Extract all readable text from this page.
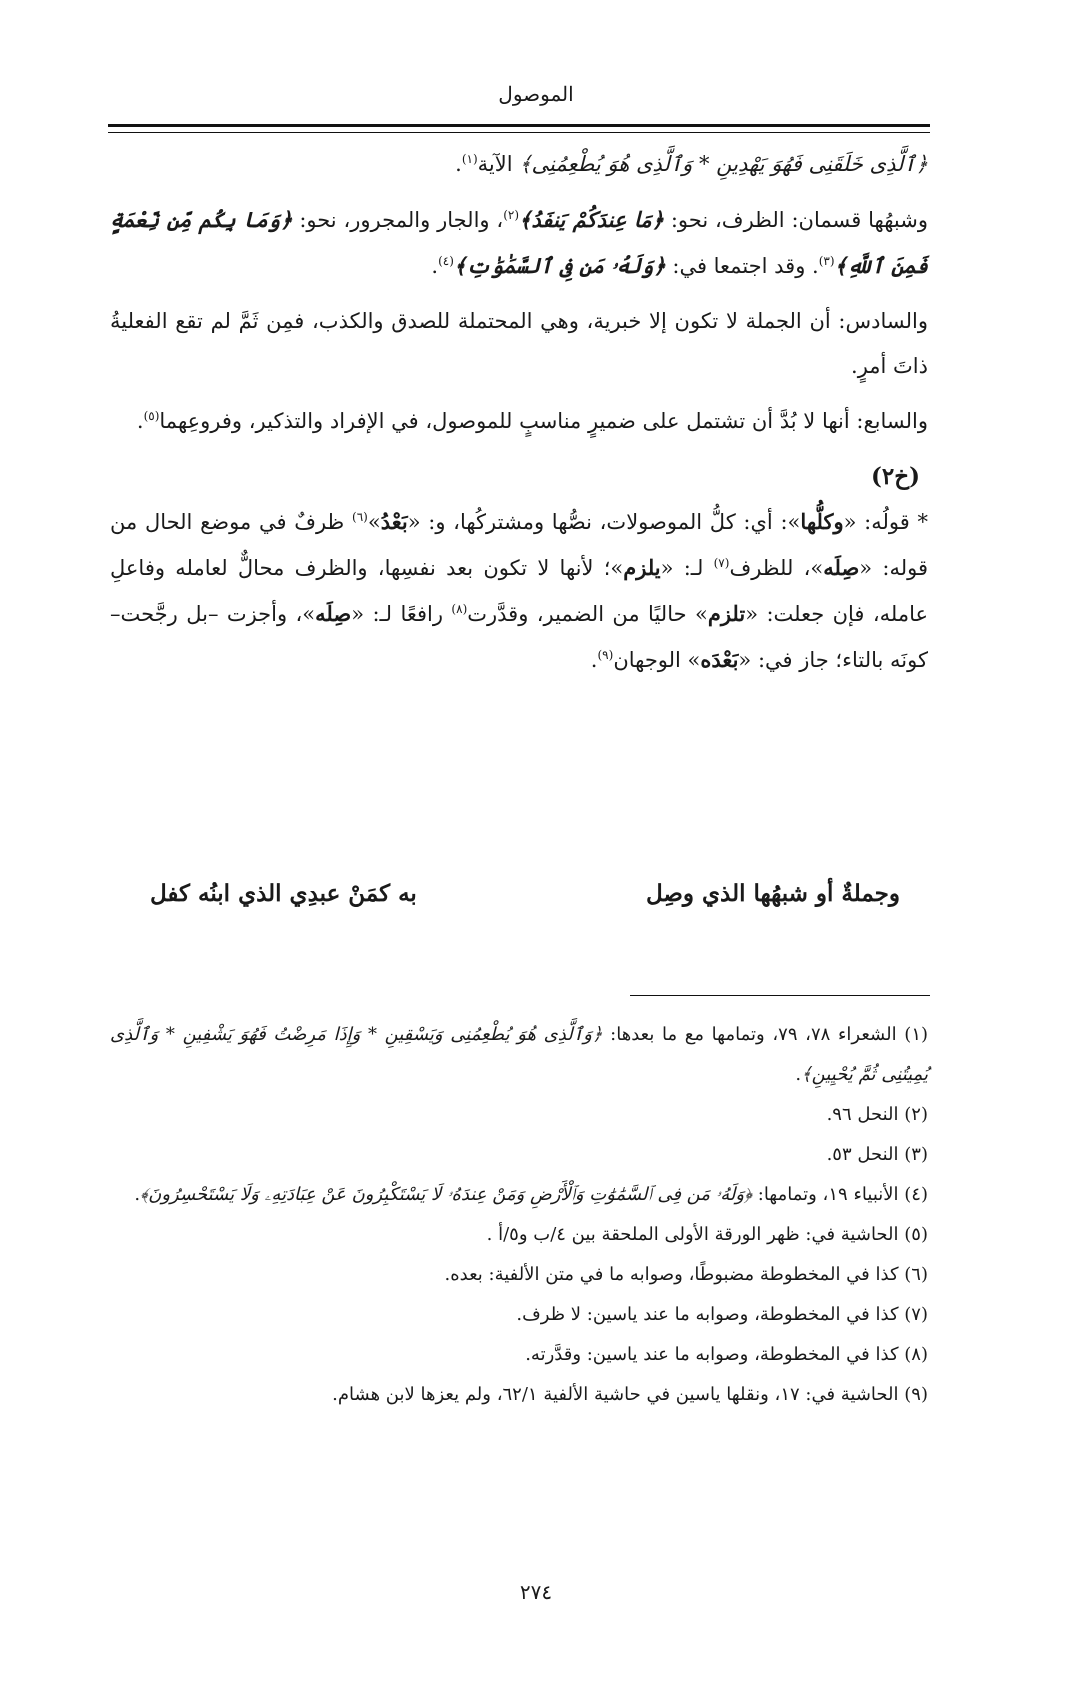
الموصول

﴿ٱلَّذِى خَلَقَنِى فَهُوَ يَهْدِينِ * وَٱلَّذِى هُوَ يُطْعِمُنِى﴾ الآية$^{(١)}$.

وشبهُها قسمان: الظرف، نحو: ﴿مَا عِندَكُمْ يَنفَدُ﴾$^{(٢)}$، والجار والمجرور، نحو: ﴿وَمَا بِكُم مِّن نِّعْمَةٍ فَمِنَ ٱللَّهِ﴾$^{(٣)}$. وقد اجتمعا في: ﴿وَلَهُۥ مَن فِى ٱلسَّمَٰوَٰتِ﴾$^{(٤)}$.

والسادس: أن الجملة لا تكون إلا خبرية، وهي المحتملة للصدق والكذب، فمِن ثَمَّ لم تقع الفعليةُ ذاتَ أمرٍ.

والسابع: أنها لا بُدَّ أن تشتمل على ضميرٍ مناسبٍ للموصول، في الإفراد والتذكير، وفروعِهما$^{(٥)}$.

(خ٢)

* قولُه: «وكلُّها»: أي: كلُّ الموصولات، نصُّها ومشتركُها، و: «بَعْدُ»$^{(٦)}$ ظرفٌ في موضع الحال من قوله: «صِلَه»، للظرف$^{(٧)}$ لـ: «يلزم»؛ لأنها لا تكون بعد نفسِها، والظرف محالٌّ لعامله وفاعلِ عامله، فإن جعلت: «تلزم» حاليًا من الضمير، وقدَّرت$^{(٨)}$ رافعًا لـ: «صِلَه»، وأجزت –بل رجَّحت– كونَه بالتاء؛ جاز في: «بَعْدَه» الوجهان$^{(٩)}$.

وجملةٌ أو شبهُها الذي وصِل
به كمَنْ عبدِي الذي ابنُه كفل

(١) الشعراء ٧٨، ٧٩، وتمامها مع ما بعدها: ﴿وَٱلَّذِى هُوَ يُطْعِمُنِى وَيَسْقِينِ * وَإِذَا مَرِضْتُ فَهُوَ يَشْفِينِ * وَٱلَّذِى يُمِيتُنِى ثُمَّ يُحْيِينِ﴾.

(٢) النحل ٩٦.

(٣) النحل ٥٣.

(٤) الأنبياء ١٩، وتمامها: ﴿وَلَهُۥ مَن فِى ٱلسَّمَٰوَٰتِ وَٱلْأَرْضِ وَمَنْ عِندَهُۥ لَا يَسْتَكْبِرُونَ عَنْ عِبَادَتِهِۦ وَلَا يَسْتَحْسِرُونَ﴾.

(٥) الحاشية في: ظهر الورقة الأولى الملحقة بين ٤/ب و٥/أ .

(٦) كذا في المخطوطة مضبوطًا، وصوابه ما في متن الألفية: بعده.

(٧) كذا في المخطوطة، وصوابه ما عند ياسين: لا ظرف.

(٨) كذا في المخطوطة، وصوابه ما عند ياسين: وقدَّرته.

(٩) الحاشية في: ١٧، ونقلها ياسين في حاشية الألفية ٦٢/١، ولم يعزها لابن هشام.

٢٧٤
